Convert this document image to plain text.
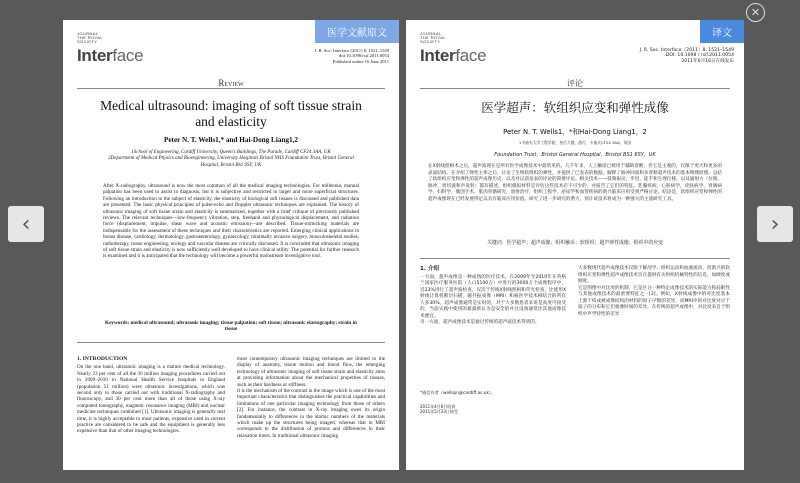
医学文献原文
JOURNAL
THE ROYAL
SOCIETY
Interface	J. R. Soc. Interface (2011) 8, 1521–1549
doi:10.1098/rsif.2011.0054
Published online 16 June 2011
Review
Medical ultrasound: imaging of soft tissue strain and elasticity
Peter N. T. Wells1,* and Hai-Dong Liang1,2
1School of Engineering, Cardiff University, Queen's Buildings, The Parade, Cardiff CF24 3AA, UK
2Department of Medical Physics and Bioengineering, University Hospitals Bristol NHS Foundation Trust, Bristol General Hospital, Bristol BS1 6SY, UK
After X-radiography, ultrasound is now the most common of all the medical imaging technologies. For millennia, manual palpation has been used to assist in diagnosis, but it is subjective and restricted to larger and more superficial structures. Following an introduction to the subject of elasticity, the elasticity of biological soft tissues is discussed and published data are presented. The basic physical principles of pulse-echo and Doppler ultrasonic techniques are explained. The history of ultrasonic imaging of soft tissue strain and elasticity is summarized, together with a brief critique of previously published reviews. The relevant techniques—low-frequency vibration, step, freehand and physiological displacement, and radiation force (displacement, impulse, shear wave and acoustic emission)—are described. Tissue-mimicking materials are indispensable for the assessment of these techniques and their characteristics are reported. Emerging clinical applications in breast disease, cardiology, dermatology, gastroenterology, gynaecology, minimally invasive surgery, musculoskeletal studies, radiotherapy, tissue engineering, urology and vascular disease are critically discussed. It is concluded that ultrasonic imaging of soft tissue strain and elasticity is now sufficiently well developed to have clinical utility. The potential for further research is examined and it is anticipated that the technology will become a powerful mainstream investigative tool.
Keywords: medical ultrasound; ultrasonic imaging; tissue palpation; soft tissue; ultrasonic elastography; strain in tissue
1. INTRODUCTION
On the one hand, ultrasonic imaging is a mature medical technology. Nearly 23 per cent of all the 30 million imaging procedures carried out in 2009–2010 in National Health Service hospitals in England (population 51 million) were ultrasonic investigations, which was second only to those carried out with traditional X-radiography and fluoroscopy, and 30 per cent more than all of those using X-ray computed tomography, magnetic resonance imaging (MRI) and nuclear medicine techniques combined [1]. Ultrasonic imaging is generally real time, it is highly acceptable to most patients, expensive used in current practice are considered to be safe and the equipment is generally less expensive than that of other imaging technologies.
most contemporary ultrasonic imaging techniques are limited to the display of anatomy, tissue motion and blood flow, the emerging technology of ultrasonic imaging of soft tissue strain and elasticity aims at providing information about the mechanical properties of tissues, such as their hardness or stiffness.
It is the mechanism of the contrast in the image which is one of the most important characteristics that distinguishes the practical capabilities and limitations of one particular imaging technology from those of others [2]. For instance, the contrast in X-ray imaging owes its origin fundamentally to differences in the atomic numbers of the materials which make up the structures being imaged, whereas that in MRI corresponds to the distribution of protons and differences in their relaxation times. In traditional ultrasonic imaging
译文
JOURNAL
THE ROYAL
SOCIETY
Interface	J. R. Soc. Interface（2011）8, 1521–1549
DOI: 10.1098 / rsif.2011.0054
2011年6月16日在线发布
评论
医学超声：软组织应变和弹性成像
Peter N. T. Wells1，*和Hai-Dong Liang1，2
1卡迪夫大学工程学院，皇后大楼，游行，卡迪夫CF24 3AA，英国
Foundation Trust，Bristol General Hospital，Bristol BS1 6SY，UK
在X射线照相术之后，超声波现在是所有医学成像技术中最常见的。几千年来，人工触诊已被用于辅助诊断，但它是主观的，仅限于更大和更多的表面结构。在介绍了弹性主体之后，讨论了生物软组织的弹性，并提供了已发表的数据。解释了脉冲回波和多普勒超声技术的基本物理原理。总结了软组织应变和弹性的超声成像历史，以及对以前发表的评论的简要评论。相关技术——低频振动，步进，徒手和生理位移，以及辐射力（位移，脉冲，剪切波和声发射）都有描述。组织模拟材料是评估这些技术必不可少的，并报告了它们的特征。乳腺疾病，心脏病学，皮肤病学，胃肠病学，妇科学，微创手术，肌肉骨骼研究，放射治疗，组织工程学，泌尿学和血管疾病的新兴临床应用受到严格讨论。结论是，软组织应变和弹性的超声成像现在已经发展得足以具有临床应用价值。研究了进一步研究的潜力，预计该技术将成为一种强大的主流研究工具。
关键词：医学超声；超声成像；组织触诊；软组织；超声弹性成像；组织中的应变
1. 介绍
一方面，超声成像是一种成熟的医疗技术。在2009年至2010年在英格兰国家医疗服务医院（人口5100万）中进行的3000万个成像程序中，近23%进行了超声波检查，仅次于传统X射线照相和荧光检查，比使用X射线计算机断层扫描，磁共振成像（MRI）和核医学技术相结合的所有人多30%。超声成像通常是实时的，对于大多数患者来说是高度可接受的，当前实践中使用的暴露被认为是安全的并且设备通常比其他成像技术便宜。
另一方面，超声成像技术是通过传统的超声波技术得到的。
*通信作者（wellspn@cardiff.ac.uk）。
2011年4月6日收到
2011年5月23日接受
大多数现代超声成像技术仅限于解剖学、组织运动和血液流动，但新兴的软组织应变和弹性超声成像技术旨在提供有关组织机械特性的信息，如硬度或刚度。
它是图像中对比度的机制，它是区分一种特定成像技术的实际能力和局限性与其他成像技术的最重要特征之一[2]。例如，X射线成像中的对比度基本上源于构成被成像结构的材料的原子序数的差异，而MRI中的对比度对应于质子的分布和它们弛豫时间的差异。在传统的超声成像中，对比度来自于组织中声学特性的差异
‹	›
✕
